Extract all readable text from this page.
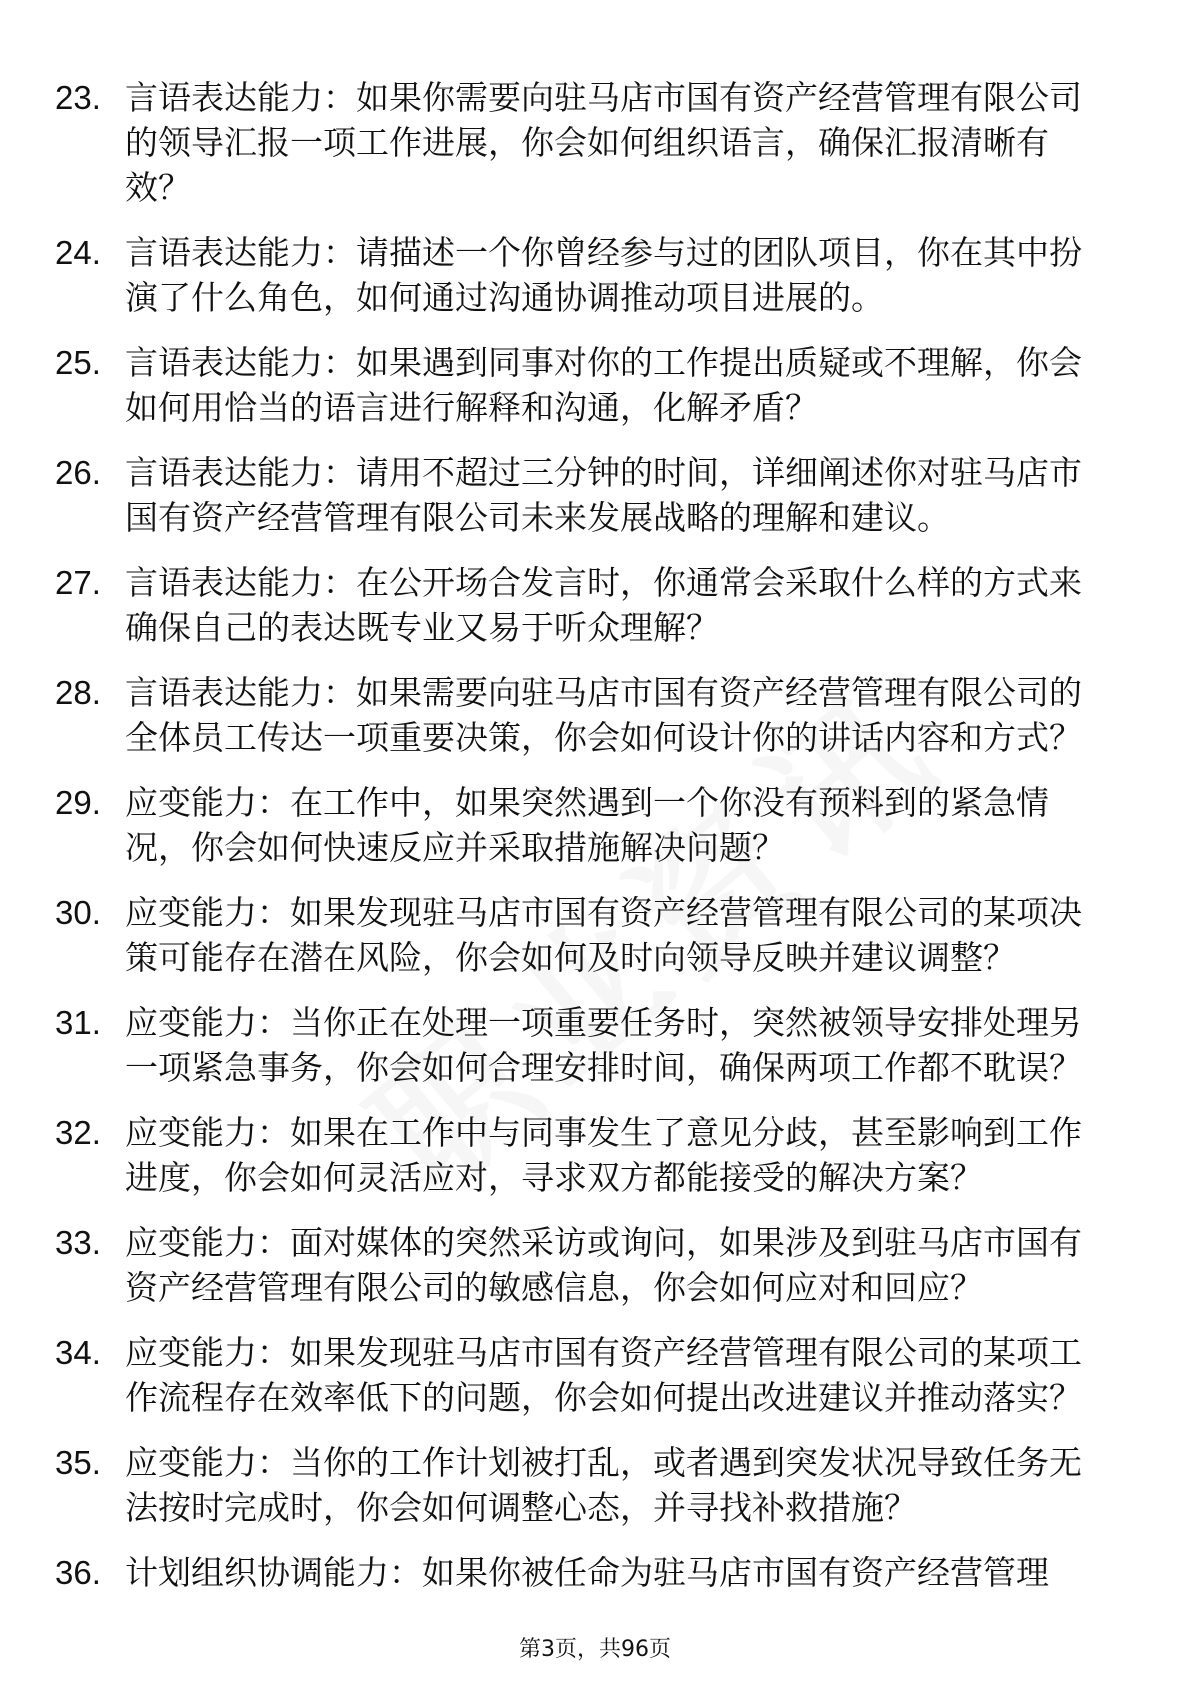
23. 言语表达能力：如果你需要向驻马店市国有资产经营管理有限公司的领导汇报一项工作进展，你会如何组织语言，确保汇报清晰有效？
24. 言语表达能力：请描述一个你曾经参与过的团队项目，你在其中扮演了什么角色，如何通过沟通协调推动项目进展的。
25. 言语表达能力：如果遇到同事对你的工作提出质疑或不理解，你会如何用恰当的语言进行解释和沟通，化解矛盾？
26. 言语表达能力：请用不超过三分钟的时间，详细阐述你对驻马店市国有资产经营管理有限公司未来发展战略的理解和建议。
27. 言语表达能力：在公开场合发言时，你通常会采取什么样的方式来确保自己的表达既专业又易于听众理解？
28. 言语表达能力：如果需要向驻马店市国有资产经营管理有限公司的全体员工传达一项重要决策，你会如何设计你的讲话内容和方式？
29. 应变能力：在工作中，如果突然遇到一个你没有预料到的紧急情况，你会如何快速反应并采取措施解决问题？
30. 应变能力：如果发现驻马店市国有资产经营管理有限公司的某项决策可能存在潜在风险，你会如何及时向领导反映并建议调整？
31. 应变能力：当你正在处理一项重要任务时，突然被领导安排处理另一项紧急事务，你会如何合理安排时间，确保两项工作都不耽误？
32. 应变能力：如果在工作中与同事发生了意见分歧，甚至影响到工作进度，你会如何灵活应对，寻求双方都能接受的解决方案？
33. 应变能力：面对媒体的突然采访或询问，如果涉及到驻马店市国有资产经营管理有限公司的敏感信息，你会如何应对和回应？
34. 应变能力：如果发现驻马店市国有资产经营管理有限公司的某项工作流程存在效率低下的问题，你会如何提出改进建议并推动落实？
35. 应变能力：当你的工作计划被打乱，或者遇到突发状况导致任务无法按时完成时，你会如何调整心态，并寻找补救措施？
36. 计划组织协调能力：如果你被任命为驻马店市国有资产经营管理
第3页，共96页
